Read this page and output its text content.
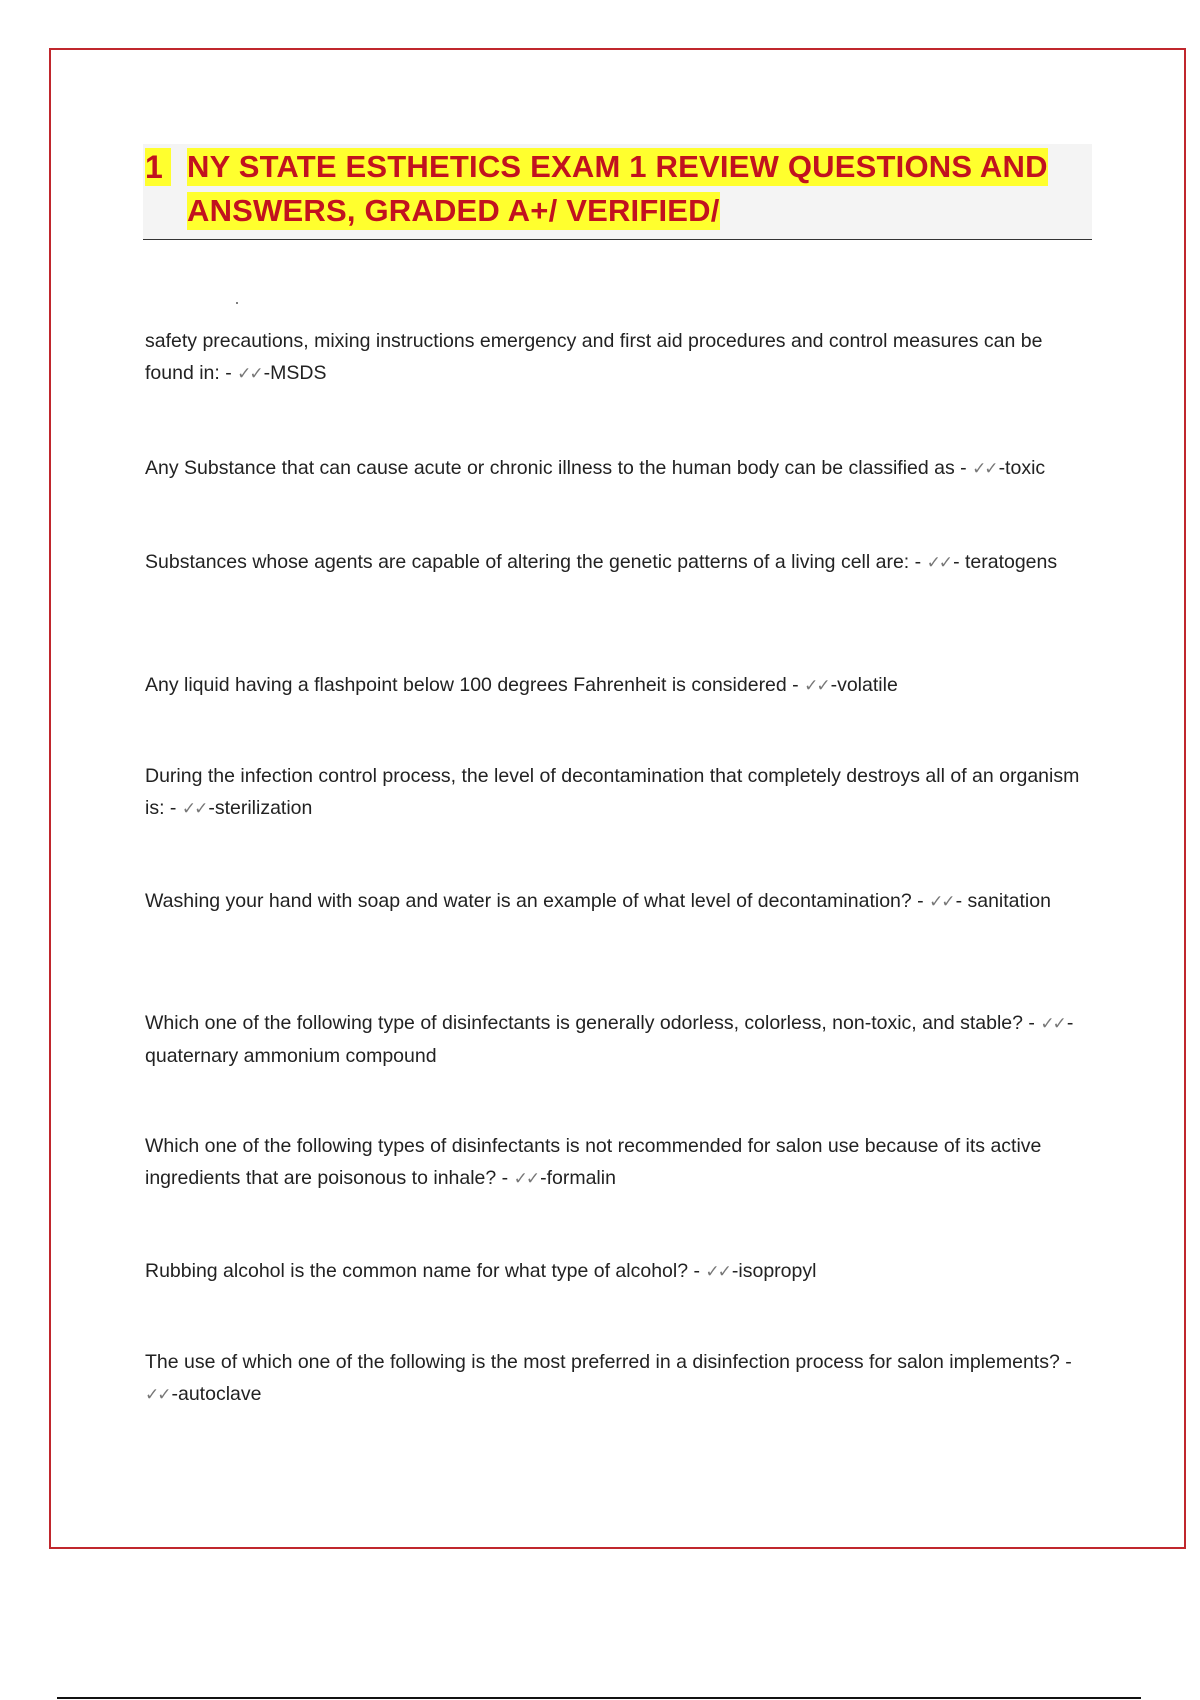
1 NY STATE ESTHETICS EXAM 1 REVIEW QUESTIONS AND
ANSWERS, GRADED A+/ VERIFIED/
safety precautions, mixing instructions emergency and first aid procedures and control measures can be found in: - ✓✓ -MSDS
Any Substance that can cause acute or chronic illness to the human body can be classified as - ✓✓ -toxic
Substances whose agents are capable of altering the genetic patterns of a living cell are: - ✓✓ - teratogens
Any liquid having a flashpoint below 100 degrees Fahrenheit is considered - ✓✓ -volatile
During the infection control process, the level of decontamination that completely destroys all of an organism is: - ✓✓ -sterilization
Washing your hand with soap and water is an example of what level of decontamination? - ✓✓ - sanitation
Which one of the following type of disinfectants is generally odorless, colorless, non-toxic, and stable? - ✓✓ -quaternary ammonium compound
Which one of the following types of disinfectants is not recommended for salon use because of its active ingredients that are poisonous to inhale? - ✓✓ -formalin
Rubbing alcohol is the common name for what type of alcohol? - ✓✓ -isopropyl
The use of which one of the following is the most preferred in a disinfection process for salon implements? - ✓✓ -autoclave
